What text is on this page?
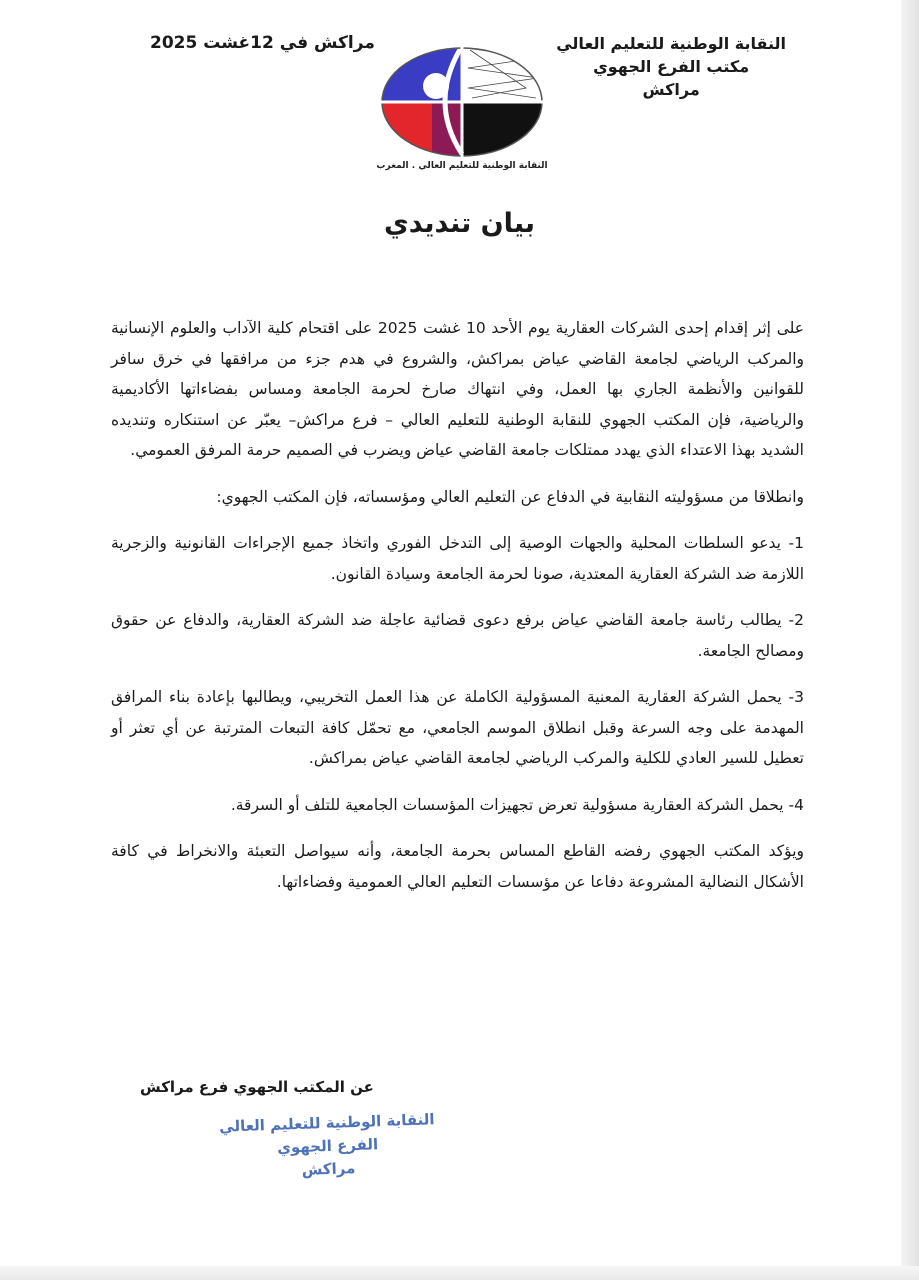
النقابة الوطنية للتعليم العالي
مكتب الفرع الجهوي
مراكش
مراكش في 12غشت 2025
النقابة الوطنية للتعليم العالي . المغرب
بيان تنديدي

على إثر إقدام إحدى الشركات العقارية يوم الأحد 10 غشت 2025 على اقتحام كلية الآداب والعلوم الإنسانية والمركب الرياضي لجامعة القاضي عياض بمراكش، والشروع في هدم جزء من مرافقها في خرق سافر للقوانين والأنظمة الجاري بها العمل، وفي انتهاك صارخ لحرمة الجامعة ومساس بفضاءاتها الأكاديمية والرياضية، فإن المكتب الجهوي للنقابة الوطنية للتعليم العالي – فرع مراكش– يعبّر عن استنكاره وتنديده الشديد بهذا الاعتداء الذي يهدد ممتلكات جامعة القاضي عياض ويضرب في الصميم حرمة المرفق العمومي.

وانطلاقا من مسؤوليته النقابية في الدفاع عن التعليم العالي ومؤسساته، فإن المكتب الجهوي:

1- يدعو السلطات المحلية والجهات الوصية إلى التدخل الفوري واتخاذ جميع الإجراءات القانونية والزجرية اللازمة ضد الشركة العقارية المعتدية، صونا لحرمة الجامعة وسيادة القانون.

2- يطالب رئاسة جامعة القاضي عياض برفع دعوى قضائية عاجلة ضد الشركة العقارية، والدفاع عن حقوق ومصالح الجامعة.

3- يحمل الشركة العقارية المعنية المسؤولية الكاملة عن هذا العمل التخريبي، ويطالبها بإعادة بناء المرافق المهدمة على وجه السرعة وقبل انطلاق الموسم الجامعي، مع تحمّل كافة التبعات المترتبة عن أي تعثر أو تعطيل للسير العادي للكلية والمركب الرياضي لجامعة القاضي عياض بمراكش.

4- يحمل الشركة العقارية مسؤولية تعرض تجهيزات المؤسسات الجامعية للتلف أو السرقة.

ويؤكد المكتب الجهوي رفضه القاطع المساس بحرمة الجامعة، وأنه سيواصل التعبئة والانخراط في كافة الأشكال النضالية المشروعة دفاعا عن مؤسسات التعليم العالي العمومية وفضاءاتها.

عن المكتب الجهوي فرع مراكش
النقابة الوطنية للتعليم العالي
الفرع الجهوي
مراكش
